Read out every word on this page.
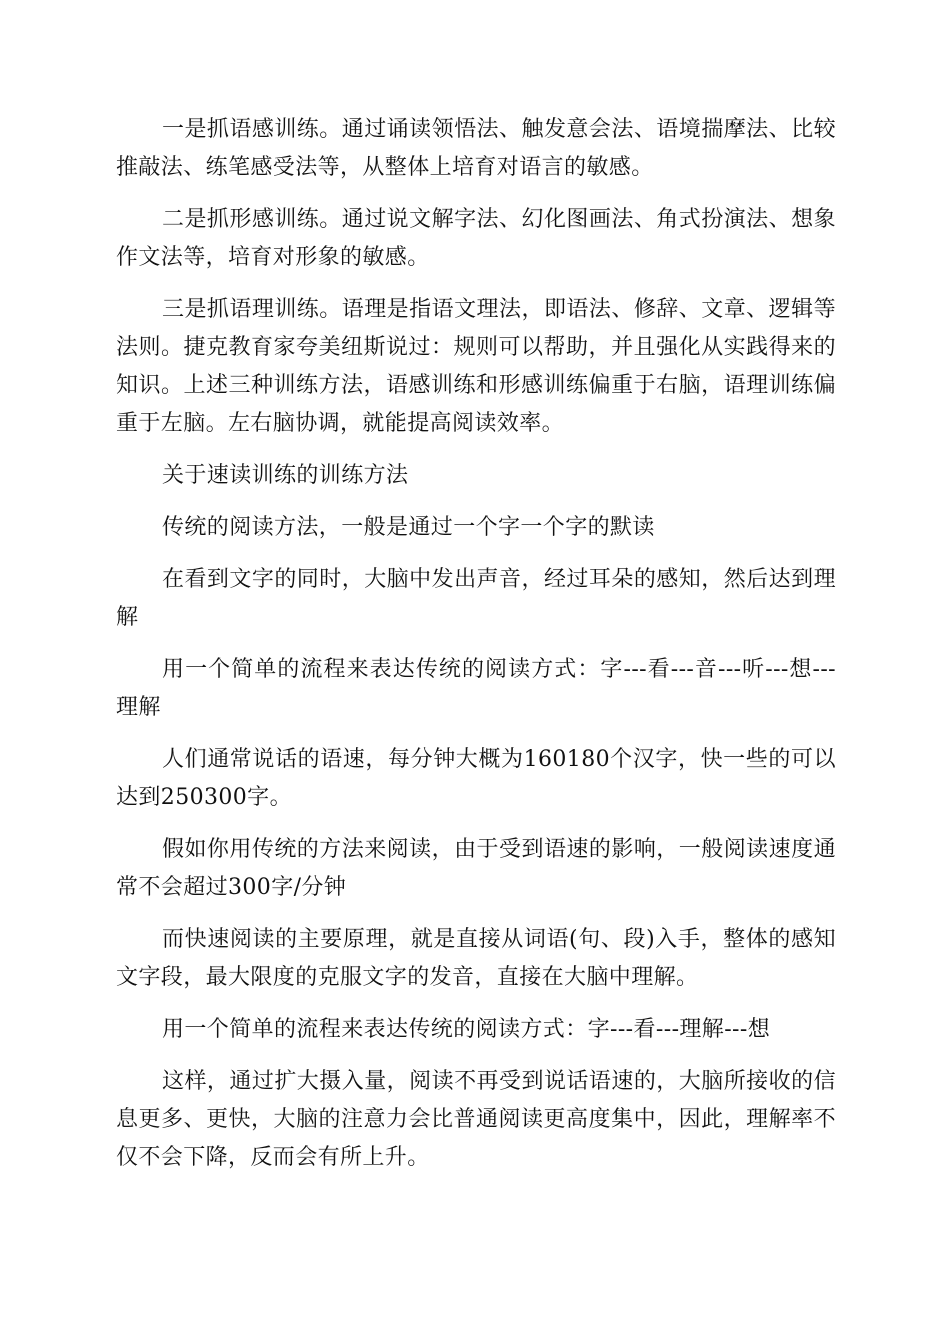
一是抓语感训练。通过诵读领悟法、触发意会法、语境揣摩法、比较推敲法、练笔感受法等，从整体上培育对语言的敏感。

二是抓形感训练。通过说文解字法、幻化图画法、角式扮演法、想象作文法等，培育对形象的敏感。

三是抓语理训练。语理是指语文理法，即语法、修辞、文章、逻辑等法则。捷克教育家夸美纽斯说过：规则可以帮助，并且强化从实践得来的知识。上述三种训练方法，语感训练和形感训练偏重于右脑，语理训练偏重于左脑。左右脑协调，就能提高阅读效率。

关于速读训练的训练方法

传统的阅读方法，一般是通过一个字一个字的默读

在看到文字的同时，大脑中发出声音，经过耳朵的感知，然后达到理解

用一个简单的流程来表达传统的阅读方式：字---看---音---听---想---理解

人们通常说话的语速，每分钟大概为160180个汉字，快一些的可以达到250300字。

假如你用传统的方法来阅读，由于受到语速的影响，一般阅读速度通常不会超过300字/分钟

而快速阅读的主要原理，就是直接从词语(句、段)入手，整体的感知文字段，最大限度的克服文字的发音，直接在大脑中理解。

用一个简单的流程来表达传统的阅读方式：字---看---理解---想

这样，通过扩大摄入量，阅读不再受到说话语速的，大脑所接收的信息更多、更快，大脑的注意力会比普通阅读更高度集中，因此，理解率不仅不会下降，反而会有所上升。
